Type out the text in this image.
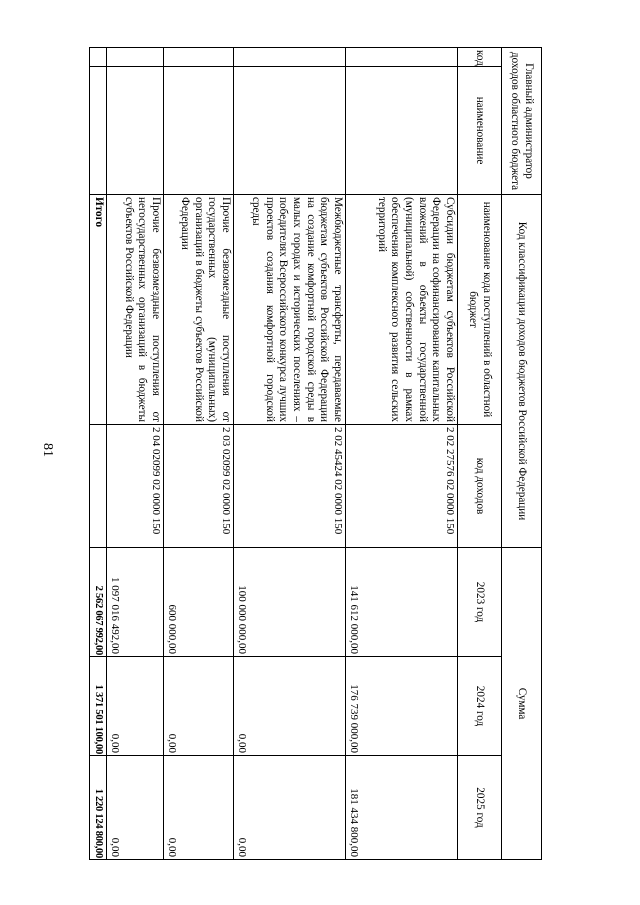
81
Главный администратор доходов областного бюджета		Код классификации доходов бюджетов Российской Федерации		Сумма		
код	наименование	наименование кода поступлений в областной бюджет	код доходов	2023 год	2024 год	2025 год
		Субсидии бюджетам субъектов Российской Федерации на софинансирование капитальных вложений в объекты государственной (муниципальной) собственности в рамках обеспечения комплексного развития сельских территорий	2 02 27576 02 0000 150	141 612 000,00	176 739 000,00	181 434 800,00
		Межбюджетные трансферты, передаваемые бюджетам субъектов Российской Федерации на создание комфортной городской среды в малых городах и исторических поселениях – победителях Всероссийского конкурса лучших проектов создания комфортной городской среды	2 02 45424 02 0000 150	100 000 000,00	0,00	0,00
		Прочие безвозмездные поступления от государственных (муниципальных) организаций в бюджеты субъектов Российской Федерации	2 03 02099 02 0000 150	600 000,00	0,00	0,00
		Прочие безвозмездные поступления от негосударственных организаций в бюджеты субъектов Российской Федерации	2 04 02099 02 0000 150	1 097 016 492,00	0,00	0,00
		Итого		2 562 067 992,00	1 371 501 100,00	1 220 124 800,00
